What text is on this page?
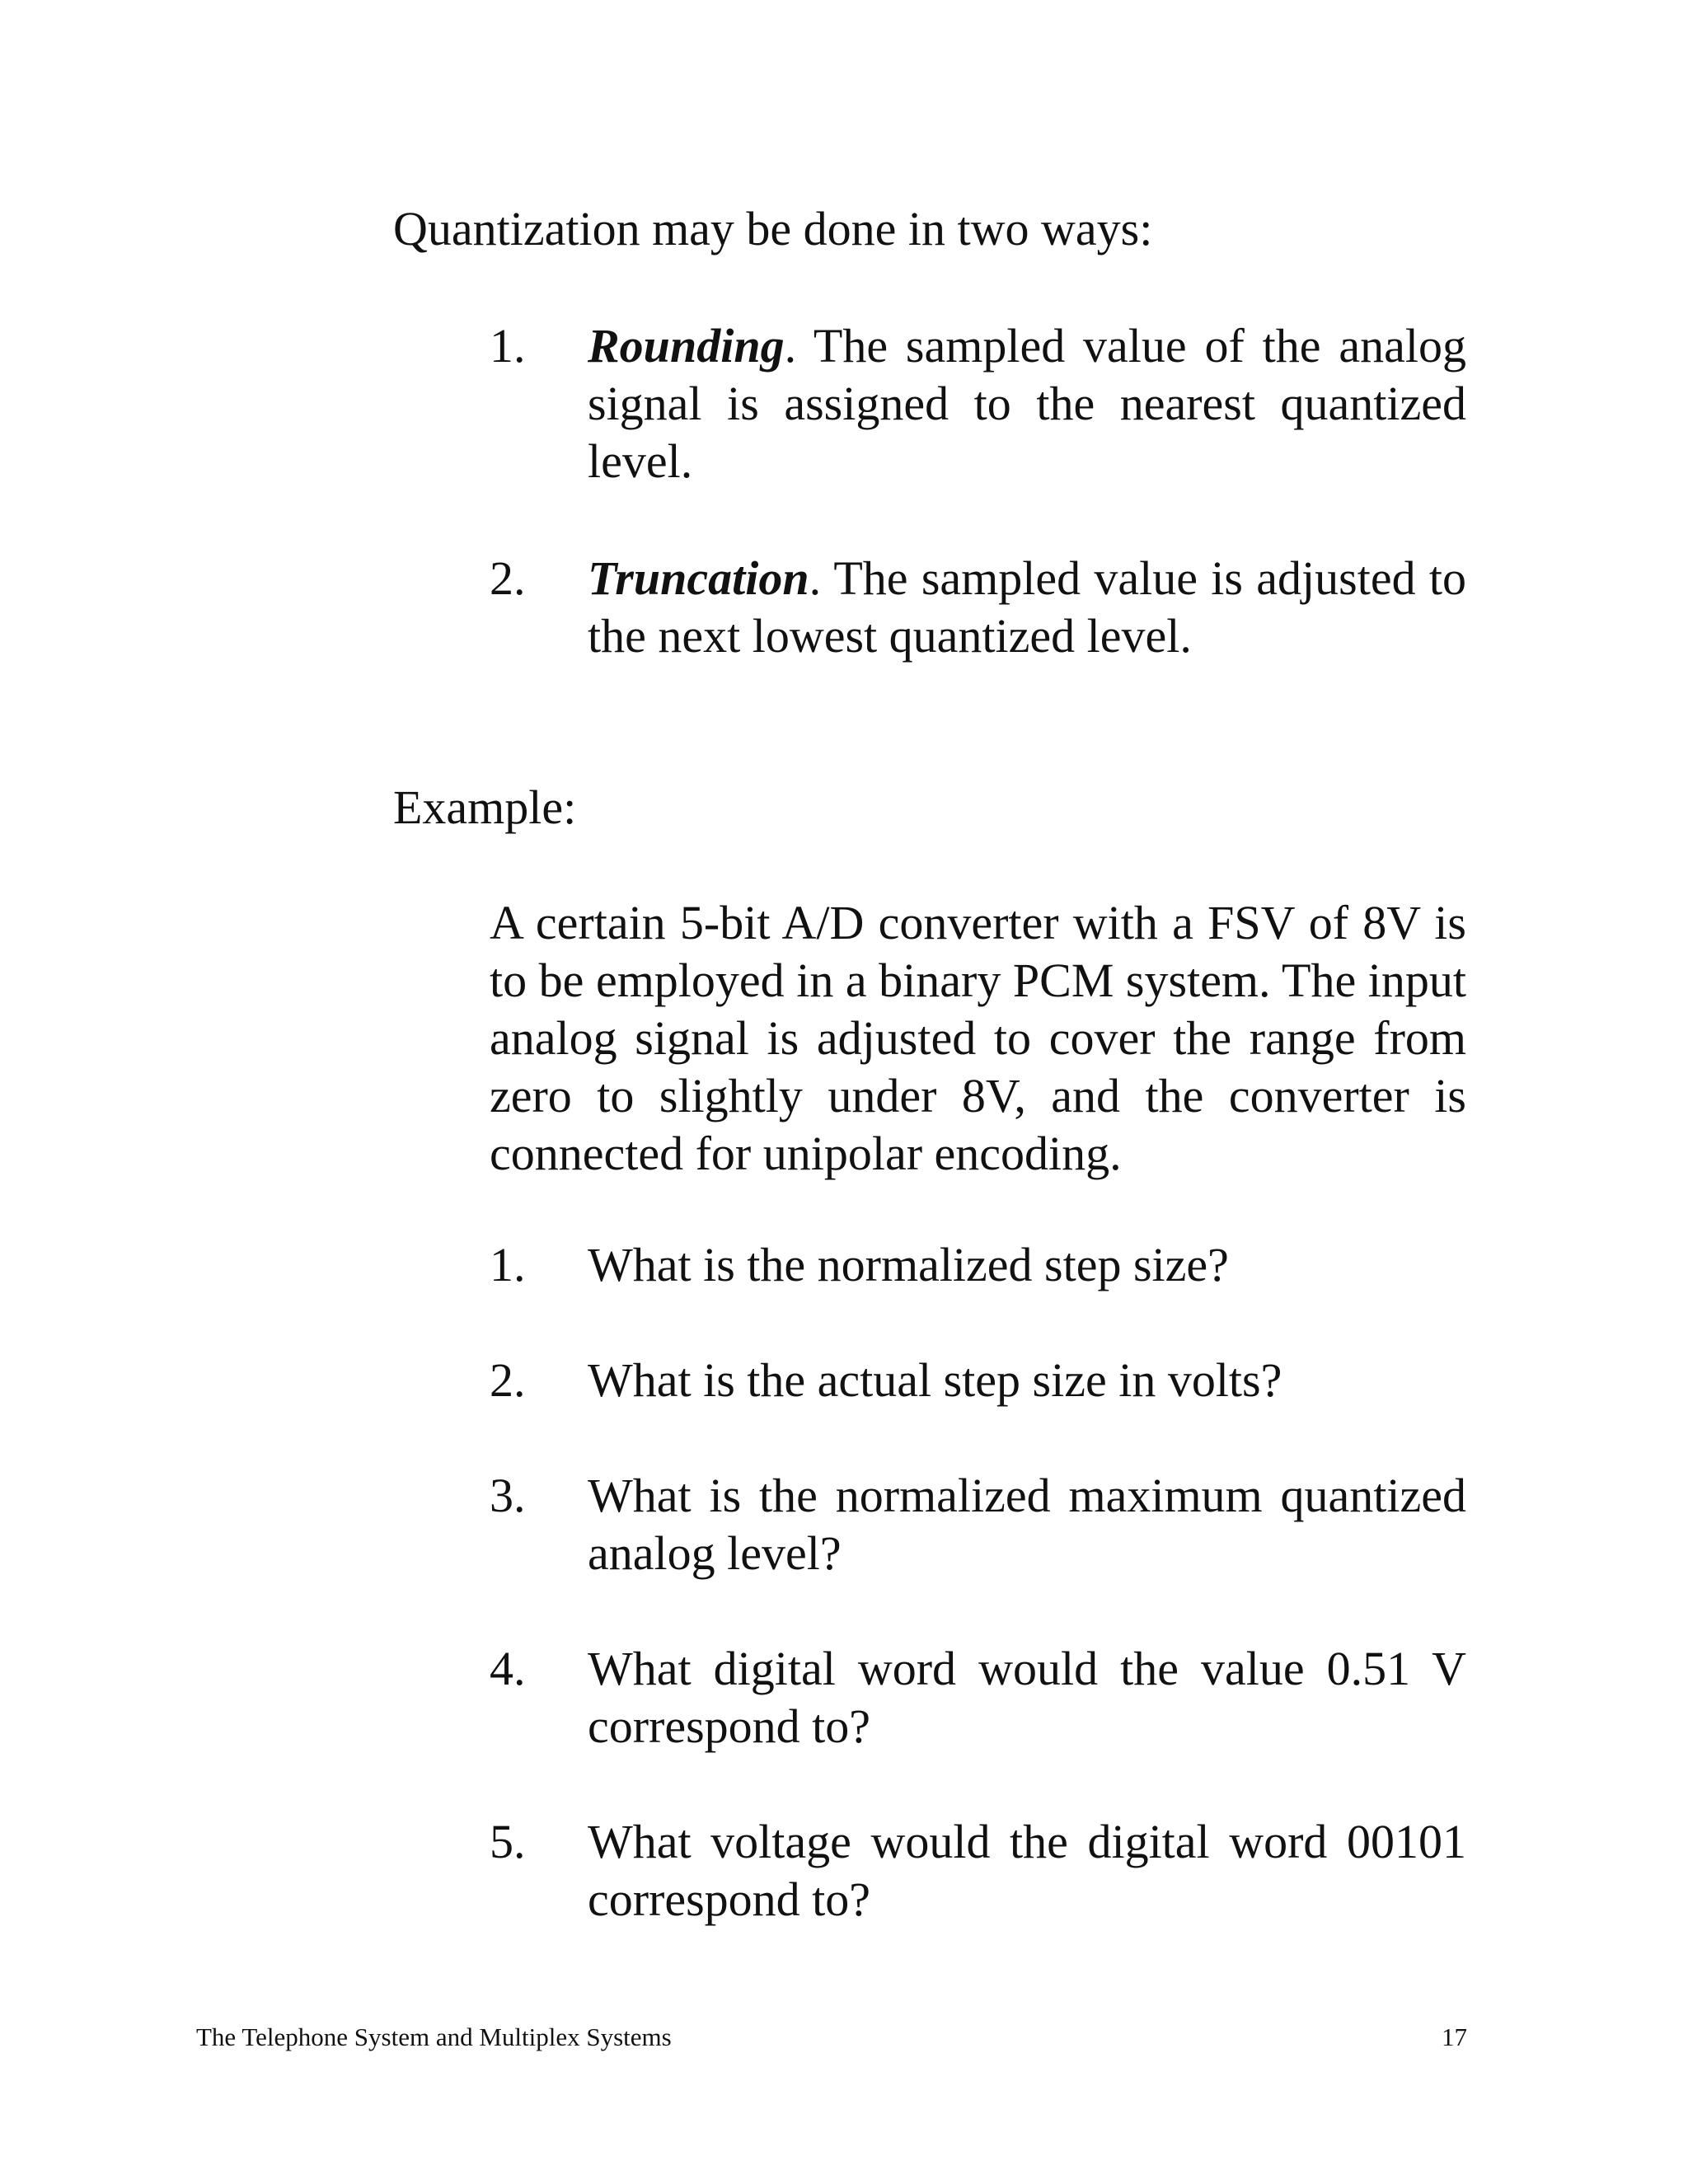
Quantization may be done in two ways:

1.	Rounding. The sampled value of the analog signal is assigned to the nearest quantized level.
2.	Truncation. The sampled value is adjusted to the next lowest quantized level.

Example:

A certain 5-bit A/D converter with a FSV of 8V is to be employed in a binary PCM system. The input analog signal is adjusted to cover the range from zero to slightly under 8V, and the converter is connected for unipolar encoding.

1.	What is the normalized step size?
2.	What is the actual step size in volts?
3.	What is the normalized maximum quantized analog level?
4.	What digital word would the value 0.51 V correspond to?
5.	What voltage would the digital word 00101 correspond to?
The Telephone System and Multiplex Systems	17
